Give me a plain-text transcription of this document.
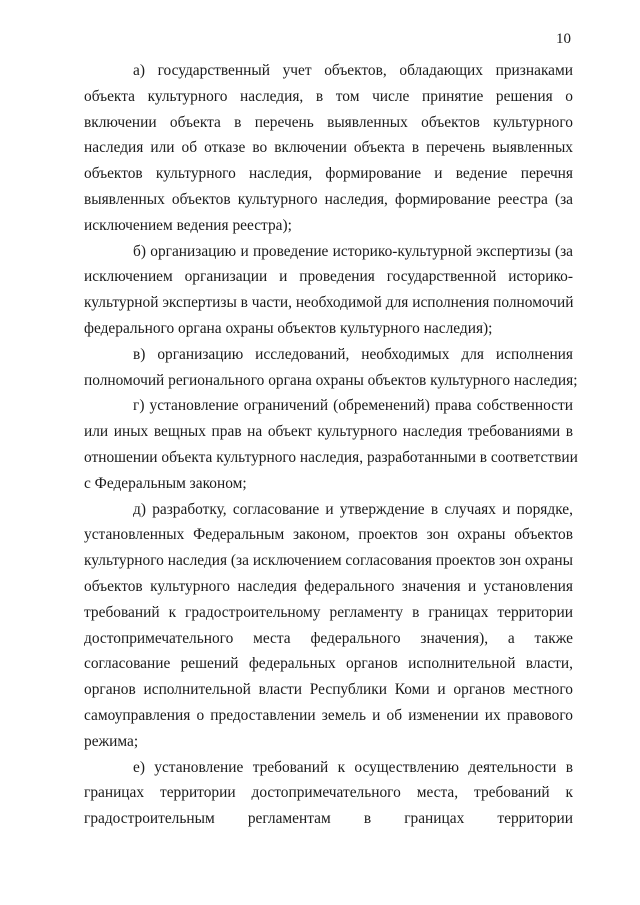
10
а) государственный учет объектов, обладающих признаками
объекта культурного наследия, в том числе принятие решения о
включении объекта в перечень выявленных объектов культурного
наследия или об отказе во включении объекта в перечень выявленных
объектов культурного наследия, формирование и ведение перечня
выявленных объектов культурного наследия, формирование реестра (за
исключением ведения реестра);
б) организацию и проведение историко-культурной экспертизы (за
исключением организации и проведения государственной историко-
культурной экспертизы в части, необходимой для исполнения полномочий
федерального органа охраны объектов культурного наследия);
в) организацию исследований, необходимых для исполнения
полномочий регионального органа охраны объектов культурного наследия;
г) установление ограничений (обременений) права собственности
или иных вещных прав на объект культурного наследия требованиями в
отношении объекта культурного наследия, разработанными в соответствии
с Федеральным законом;
д) разработку, согласование и утверждение в случаях и порядке,
установленных Федеральным законом, проектов зон охраны объектов
культурного наследия (за исключением согласования проектов зон охраны
объектов культурного наследия федерального значения и установления
требований к градостроительному регламенту в границах территории
достопримечательного места федерального значения), а также
согласование решений федеральных органов исполнительной власти,
органов исполнительной власти Республики Коми и органов местного
самоуправления о предоставлении земель и об изменении их правового
режима;
е) установление требований к осуществлению деятельности в
границах территории достопримечательного места, требований к
градостроительным регламентам в границах территории
